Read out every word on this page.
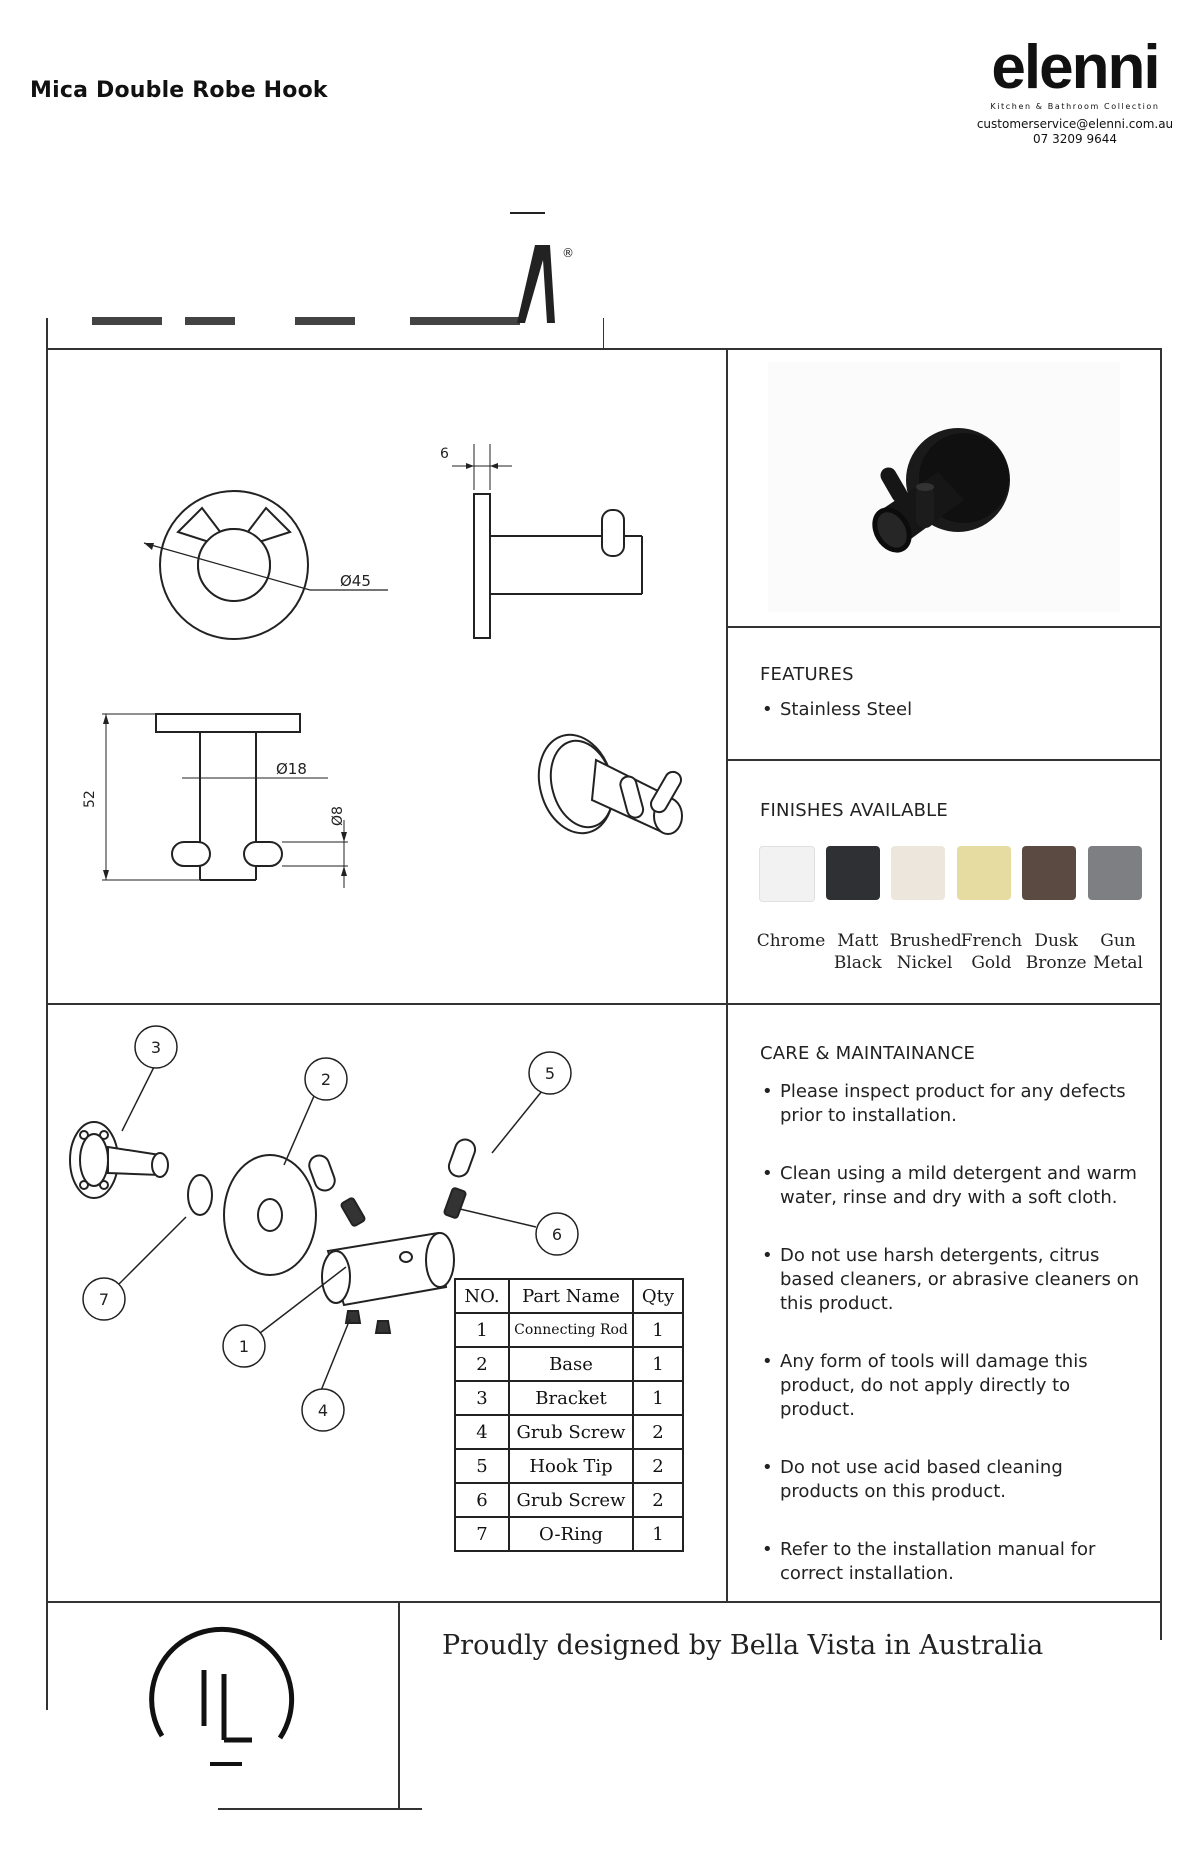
Mica Double Robe Hook	elenni
Kitchen & Bathroom Collection
customerservice@elenni.com.au
07 3209 9644
®
Ø45
6
52
Ø18
Ø8
FEATURES
• Stainless Steel
FINISHES AVAILABLE
Chrome Matt
Black
Brushed
Nickel
French
Gold
Dusk
Bronze
Gun
Metal
3
2	5
6
7
1
4
NO.	Part Name	Qty
1	Connecting Rod	1
2	Base	1
3	Bracket	1
4	Grub Screw	2
5	Hook Tip	2
6	Grub Screw	2
7	O-Ring	1
CARE & MAINTAINANCE
• Please inspect product for any defects prior to installation.
• Clean using a mild detergent and warm water, rinse and dry with a soft cloth.
• Do not use harsh detergents, citrus based cleaners, or abrasive cleaners on this product.
• Any form of tools will damage this product, do not apply directly to product.
• Do not use acid based cleaning products on this product.
• Refer to the installation manual for correct installation.
Proudly designed by Bella Vista in Australia
